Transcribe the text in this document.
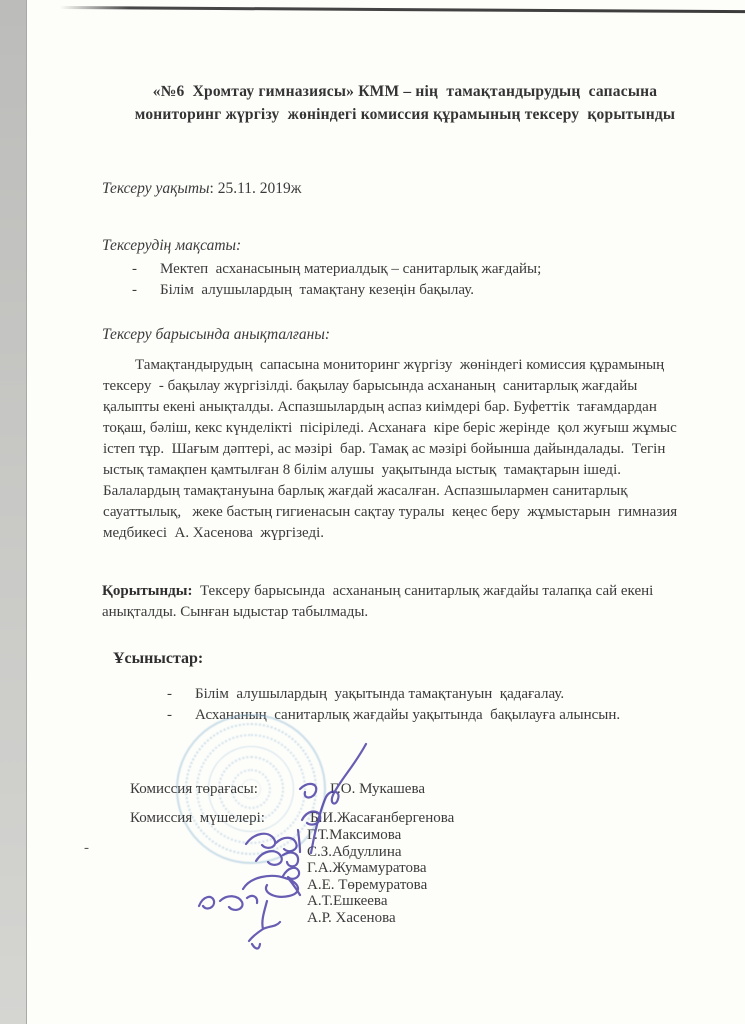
«№6  Хромтау гимназиясы» КММ – нің  тамақтандырудың  сапасына
мониторинг жүргізу  жөніндегі комиссия құрамының тексеру  қорытынды
Тексеру уақыты: 25.11. 2019ж
Тексерудің мақсаты:
-	Мектеп  асханасының материалдық – санитарлық жағдайы;
-	Білім  алушылардың  тамақтану кезеңін бақылау.
Тексеру барысында анықталғаны:
Тамақтандырудың  сапасына мониторинг жүргізу  жөніндегі комиссия құрамының
тексеру  - бақылау жүргізілді. бақылау барысында асхананың  санитарлық жағдайы
қалыпты екені анықталды. Аспазшылардың аспаз киімдері бар. Буфеттік  тағамдардан
тоқаш, бәліш, кекс күнделікті  пісіріледі. Асханаға  кіре беріс жерінде  қол жуғыш жұмыс
істеп тұр.  Шағым дәптері, ас мәзірі  бар. Тамақ ас мәзірі бойынша дайындалады.  Тегін
ыстық тамақпен қамтылған 8 білім алушы  уақытында ыстық  тамақтарын ішеді.
Балалардың тамақтануына барлық жағдай жасалған. Аспазшылармен санитарлық
сауаттылық,   жеке бастың гигиенасын сақтау туралы  кеңес беру  жұмыстарын  гимназия
медбикесі  А. Хасенова  жүргізеді.
Қорытынды:  Тексеру барысында  асхананың санитарлық жағдайы талапқа сай екені
анықталды. Сынған ыдыстар табылмады.
Ұсыныстар:
-	Білім  алушылардың  уақытында тамақтануын  қадағалау.
-	Асхананың  санитарлық жағдайы уақытында  бақылауға алынсын.
Комиссия төрағасы:	Г.О. Мукашева
Комиссия  мүшелері:	Б.И.Жасағанбергенова
Г.Т.Максимова
С.З.Абдуллина
Г.А.Жумамуратова
А.Е. Төремуратова
А.Т.Ешкеева
А.Р. Хасенова
-
